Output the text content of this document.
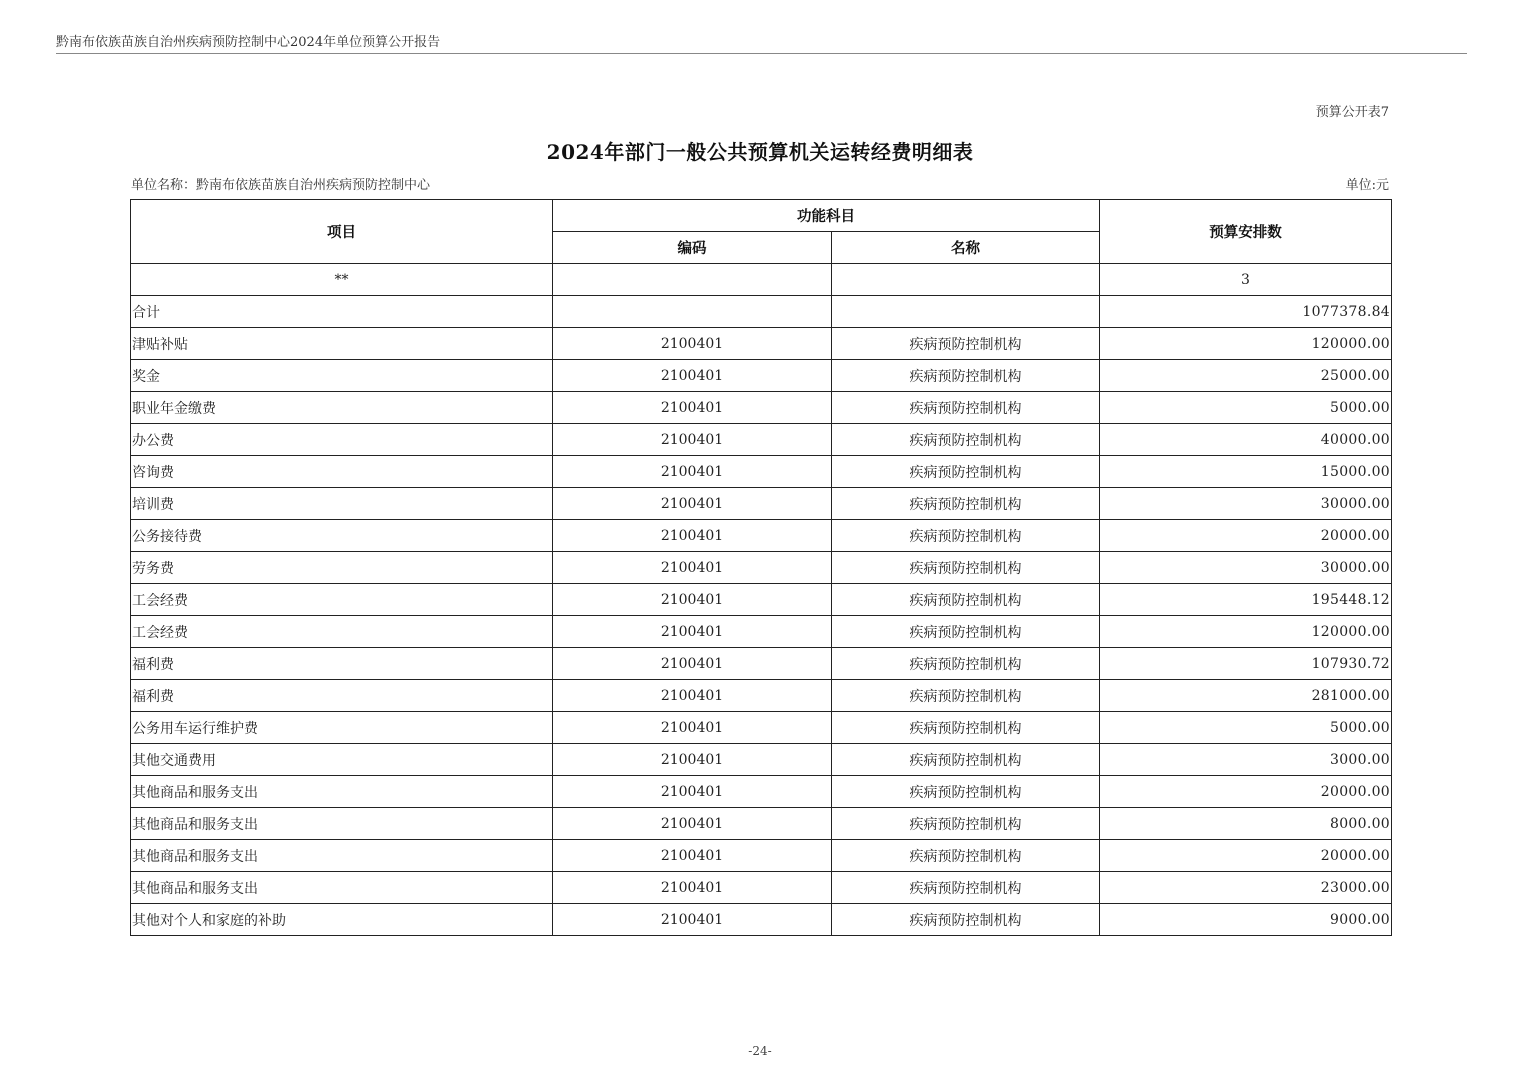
黔南布依族苗族自治州疾病预防控制中心2024年单位预算公开报告
预算公开表7
2024年部门一般公共预算机关运转经费明细表
单位名称：黔南布依族苗族自治州疾病预防控制中心	单位:元
项目	功能科目		预算安排数
	编码	名称	
**			3
合计			1077378.84
津贴补贴	2100401	疾病预防控制机构	120000.00
奖金	2100401	疾病预防控制机构	25000.00
职业年金缴费	2100401	疾病预防控制机构	5000.00
办公费	2100401	疾病预防控制机构	40000.00
咨询费	2100401	疾病预防控制机构	15000.00
培训费	2100401	疾病预防控制机构	30000.00
公务接待费	2100401	疾病预防控制机构	20000.00
劳务费	2100401	疾病预防控制机构	30000.00
工会经费	2100401	疾病预防控制机构	195448.12
工会经费	2100401	疾病预防控制机构	120000.00
福利费	2100401	疾病预防控制机构	107930.72
福利费	2100401	疾病预防控制机构	281000.00
公务用车运行维护费	2100401	疾病预防控制机构	5000.00
其他交通费用	2100401	疾病预防控制机构	3000.00
其他商品和服务支出	2100401	疾病预防控制机构	20000.00
其他商品和服务支出	2100401	疾病预防控制机构	8000.00
其他商品和服务支出	2100401	疾病预防控制机构	20000.00
其他商品和服务支出	2100401	疾病预防控制机构	23000.00
其他对个人和家庭的补助	2100401	疾病预防控制机构	9000.00
-24-
